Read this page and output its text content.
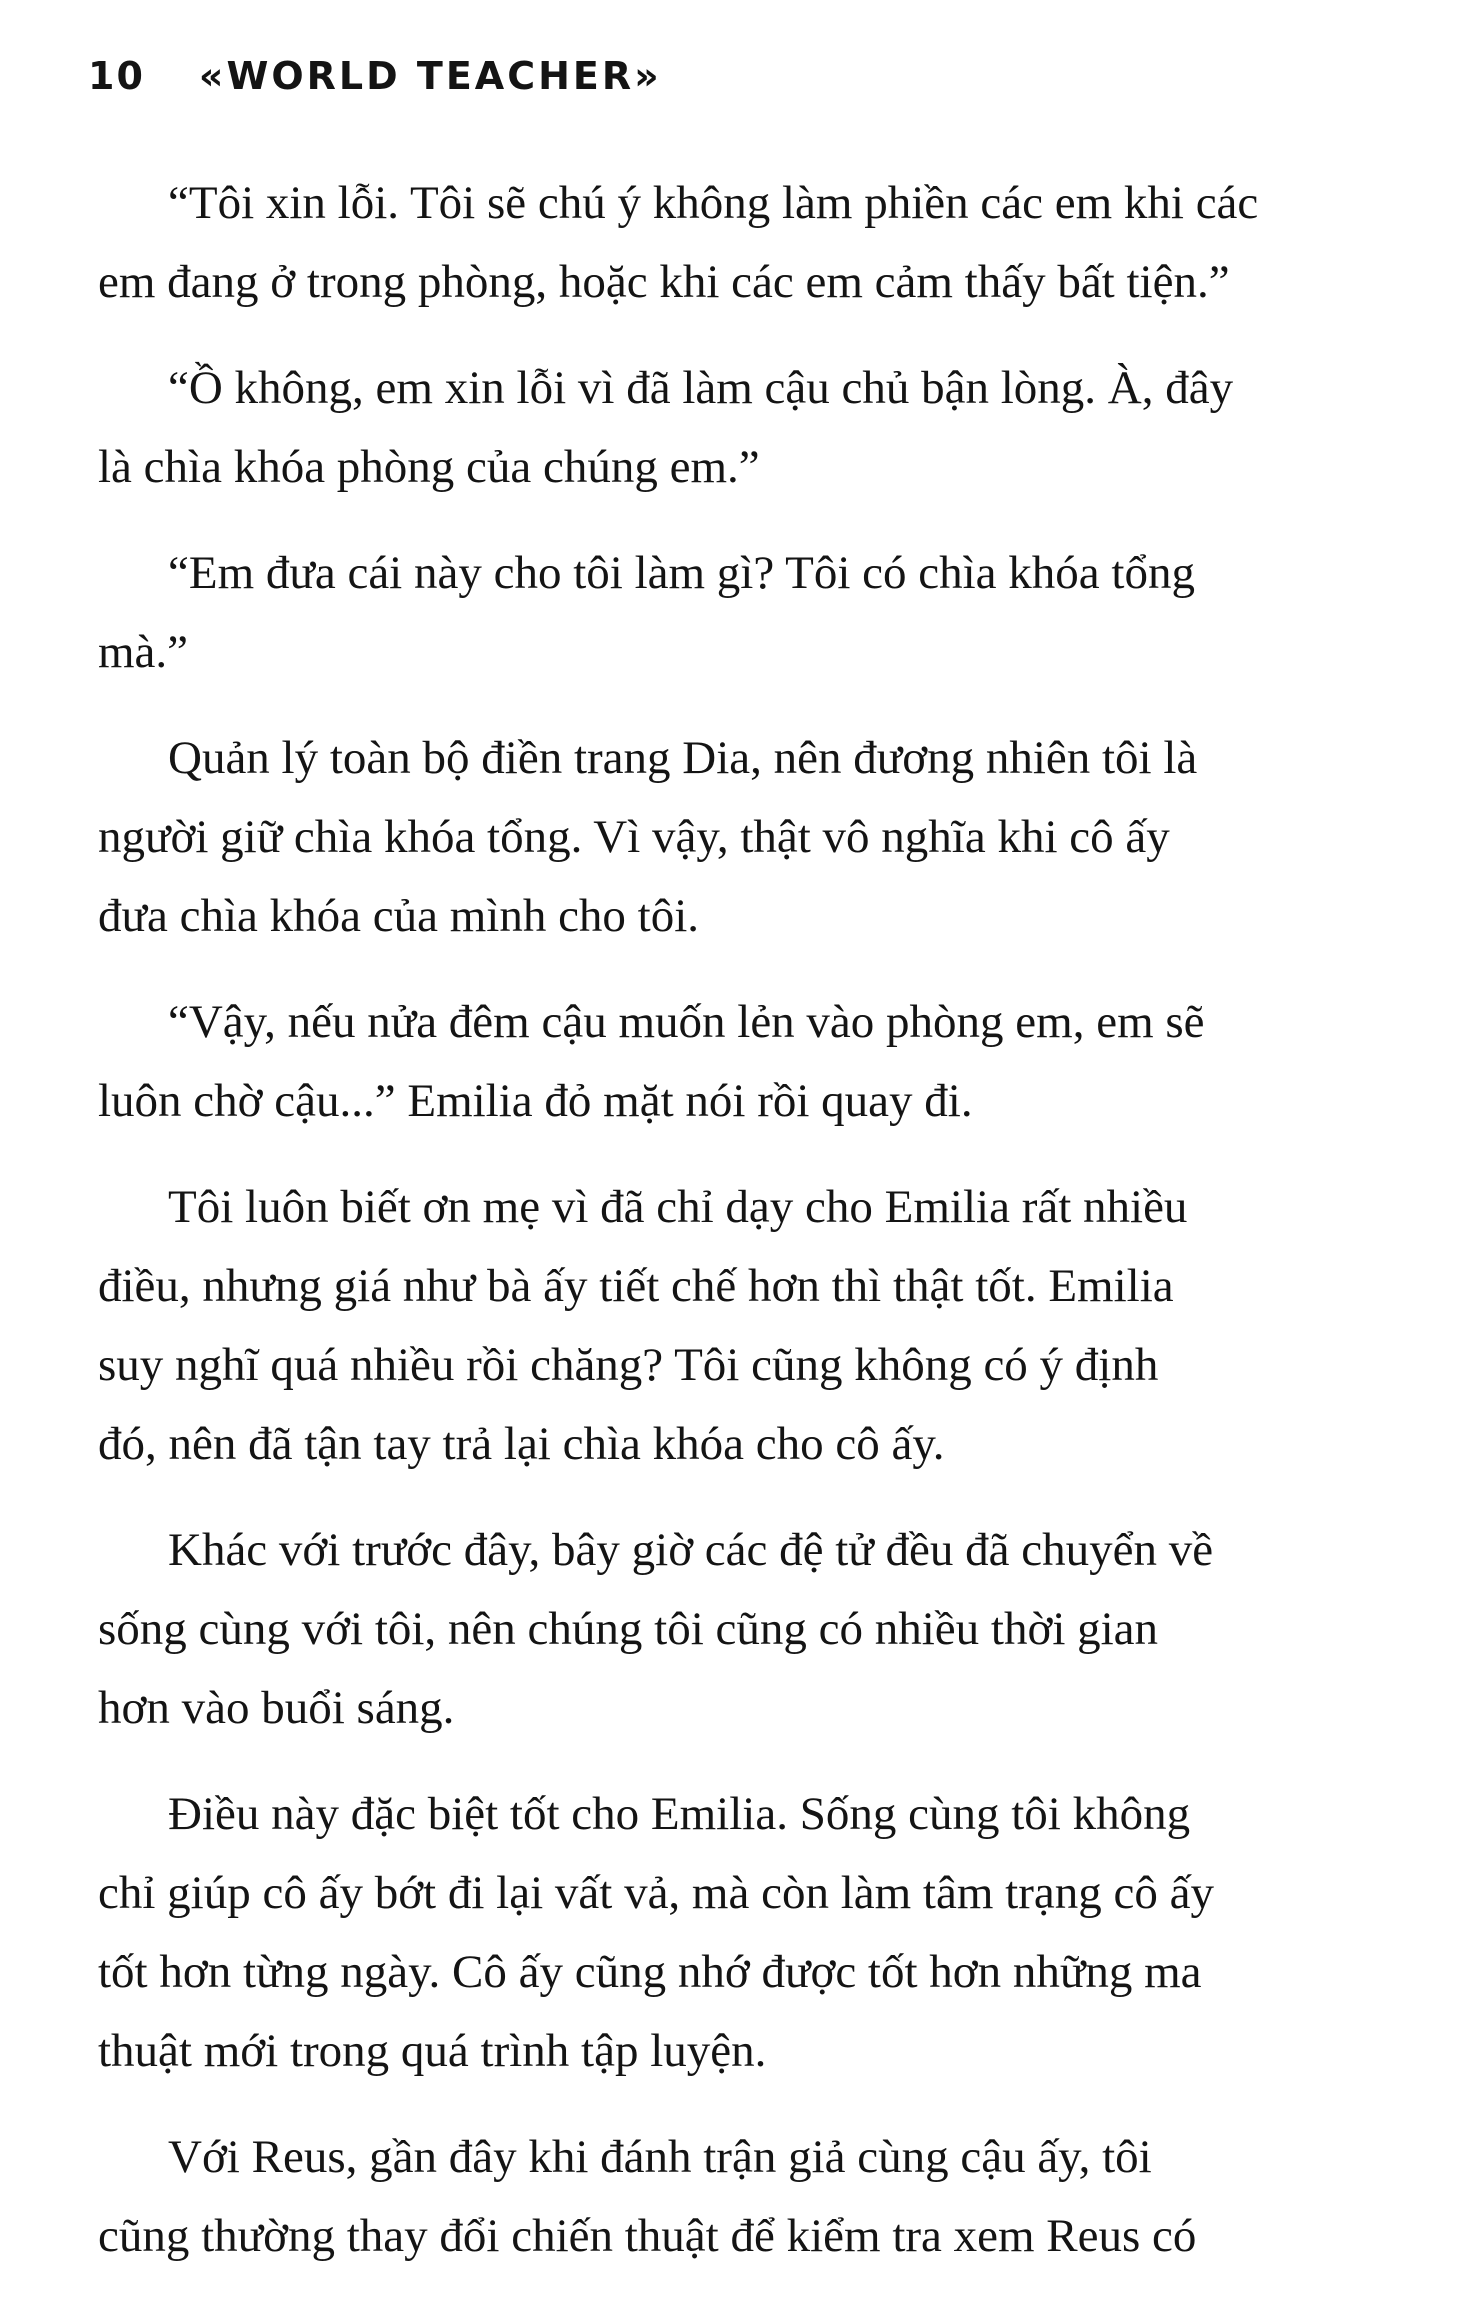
10 «WORLD TEACHER»

“Tôi xin lỗi. Tôi sẽ chú ý không làm phiền các em khi các
em đang ở trong phòng, hoặc khi các em cảm thấy bất tiện.”

“Ồ không, em xin lỗi vì đã làm cậu chủ bận lòng. À, đây
là chìa khóa phòng của chúng em.”

“Em đưa cái này cho tôi làm gì? Tôi có chìa khóa tổng
mà.”

Quản lý toàn bộ điền trang Dia, nên đương nhiên tôi là
người giữ chìa khóa tổng. Vì vậy, thật vô nghĩa khi cô ấy
đưa chìa khóa của mình cho tôi.

“Vậy, nếu nửa đêm cậu muốn lẻn vào phòng em, em sẽ
luôn chờ cậu...” Emilia đỏ mặt nói rồi quay đi.

Tôi luôn biết ơn mẹ vì đã chỉ dạy cho Emilia rất nhiều
điều, nhưng giá như bà ấy tiết chế hơn thì thật tốt. Emilia
suy nghĩ quá nhiều rồi chăng? Tôi cũng không có ý định
đó, nên đã tận tay trả lại chìa khóa cho cô ấy.

Khác với trước đây, bây giờ các đệ tử đều đã chuyển về
sống cùng với tôi, nên chúng tôi cũng có nhiều thời gian
hơn vào buổi sáng.

Điều này đặc biệt tốt cho Emilia. Sống cùng tôi không
chỉ giúp cô ấy bớt đi lại vất vả, mà còn làm tâm trạng cô ấy
tốt hơn từng ngày. Cô ấy cũng nhớ được tốt hơn những ma
thuật mới trong quá trình tập luyện.

Với Reus, gần đây khi đánh trận giả cùng cậu ấy, tôi
cũng thường thay đổi chiến thuật để kiểm tra xem Reus có
